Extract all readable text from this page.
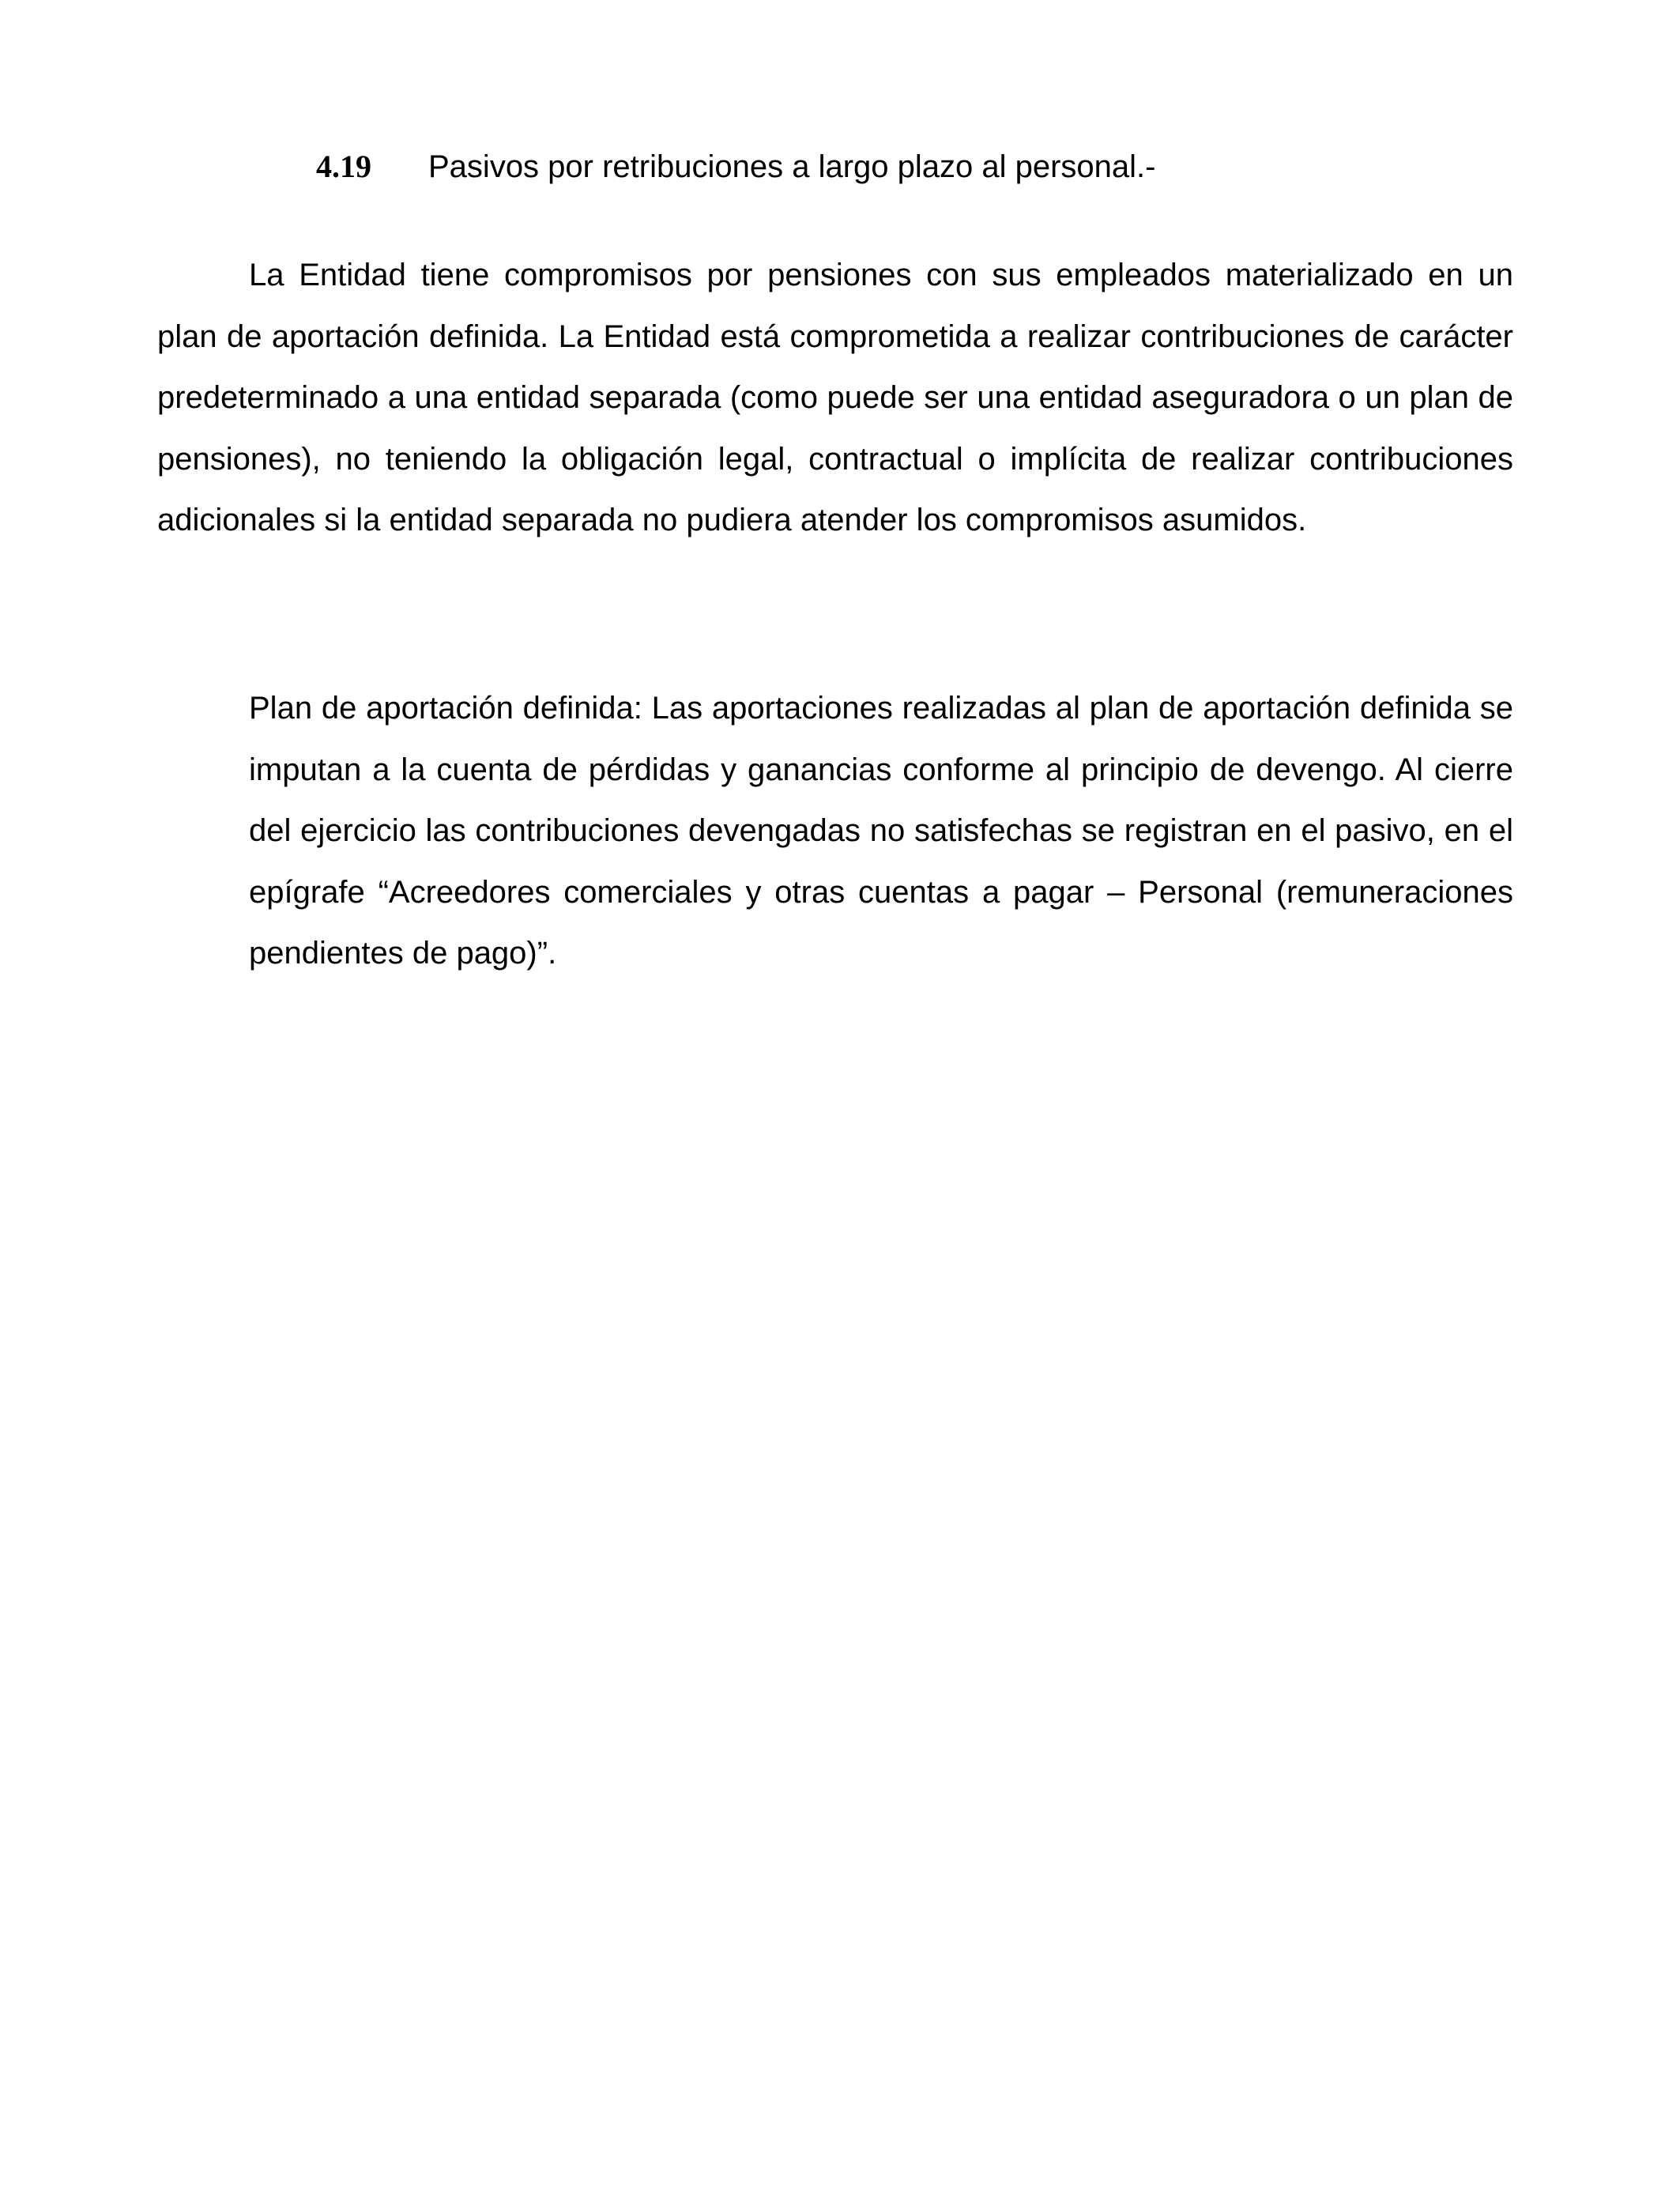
4.19 Pasivos por retribuciones a largo plazo al personal.-

La Entidad tiene compromisos por pensiones con sus empleados materializado en un plan de aportación definida. La Entidad está comprometida a realizar contribuciones de carácter predeterminado a una entidad separada (como puede ser una entidad aseguradora o un plan de pensiones), no teniendo la obligación legal, contractual o implícita de realizar contribuciones adicionales si la entidad separada no pudiera atender los compromisos asumidos.

Plan de aportación definida: Las aportaciones realizadas al plan de aportación definida se imputan a la cuenta de pérdidas y ganancias conforme al principio de devengo. Al cierre del ejercicio las contribuciones devengadas no satisfechas se registran en el pasivo, en el epígrafe “Acreedores comerciales y otras cuentas a pagar – Personal (remuneraciones pendientes de pago)”.
